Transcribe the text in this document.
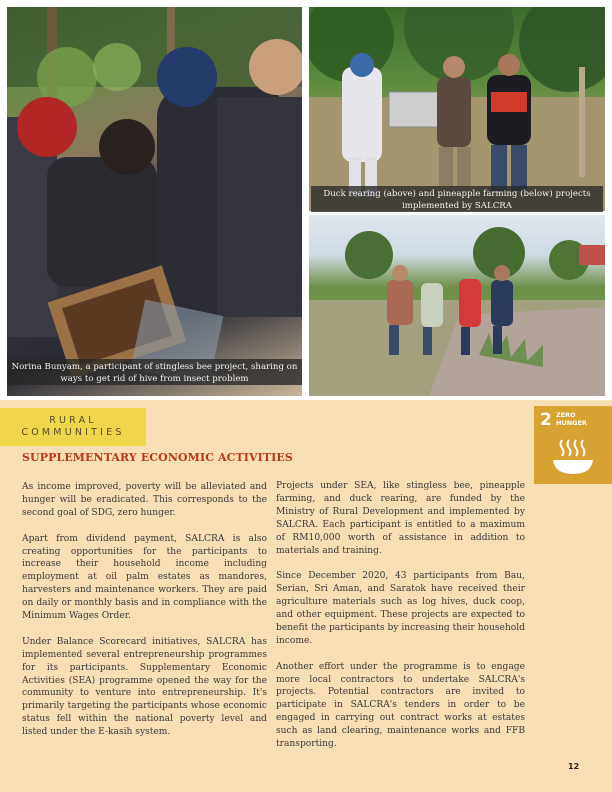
Norina Bunyam, a participant of stingless bee project, sharing on ways to get rid of hive from insect problem
Duck rearing (above) and pineapple farming (below) projects implemented by SALCRA
RURAL
COMMUNITIES
2 ZERO
HUNGER
SUPPLEMENTARY ECONOMIC ACTIVITIES

As income improved, poverty will be alleviated and hunger will be eradicated. This corresponds to the second goal of SDG, zero hunger.

Apart from dividend payment, SALCRA is also creating opportunities for the participants to increase their household income including employment at oil palm estates as mandores, harvesters and maintenance workers. They are paid on daily or monthly basis and in compliance with the Minimum Wages Order.

Under Balance Scorecard initiatives, SALCRA has implemented several entrepreneurship programmes for its participants. Supplementary Economic Activities (SEA) programme opened the way for the community to venture into entrepreneurship. It's primarily targeting the participants whose economic status fell within the national poverty level and listed under the E-kasih system.

Projects under SEA, like stingless bee, pineapple farming, and duck rearing, are funded by the Ministry of Rural Development and implemented by SALCRA. Each participant is entitled to a maximum of RM10,000 worth of assistance in addition to materials and training.

Since December 2020, 43 participants from Bau, Serian, Sri Aman, and Saratok have received their agriculture materials such as log hives, duck coop, and other equipment. These projects are expected to benefit the participants by increasing their household income.

Another effort under the programme is to engage more local contractors to undertake SALCRA's projects. Potential contractors are invited to participate in SALCRA's tenders in order to be engaged in carrying out contract works at estates such as land clearing, maintenance works and FFB transporting.

12
